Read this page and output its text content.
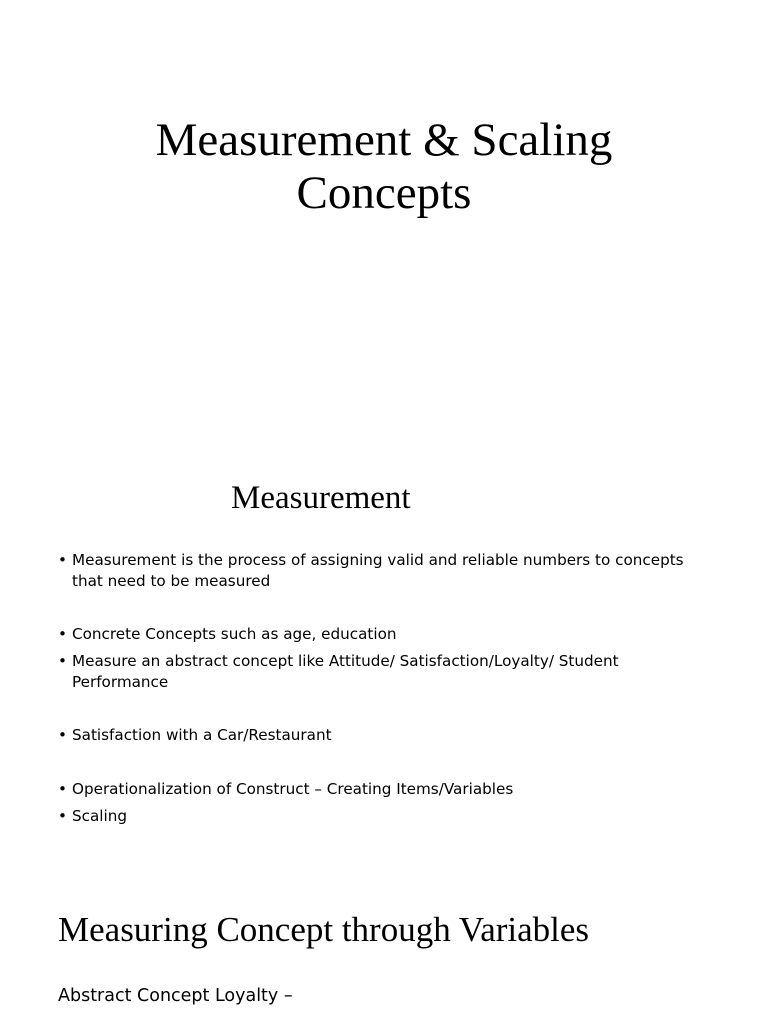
Measurement & Scaling
Concepts
Measurement
• Measurement is the process of assigning valid and reliable numbers to concepts that need to be measured
• Concrete Concepts such as age, education
• Measure an abstract concept like Attitude/ Satisfaction/Loyalty/ Student Performance
• Satisfaction with a Car/Restaurant
• Operationalization of Construct – Creating Items/Variables
• Scaling
Measuring Concept through Variables
Abstract Concept Loyalty –
